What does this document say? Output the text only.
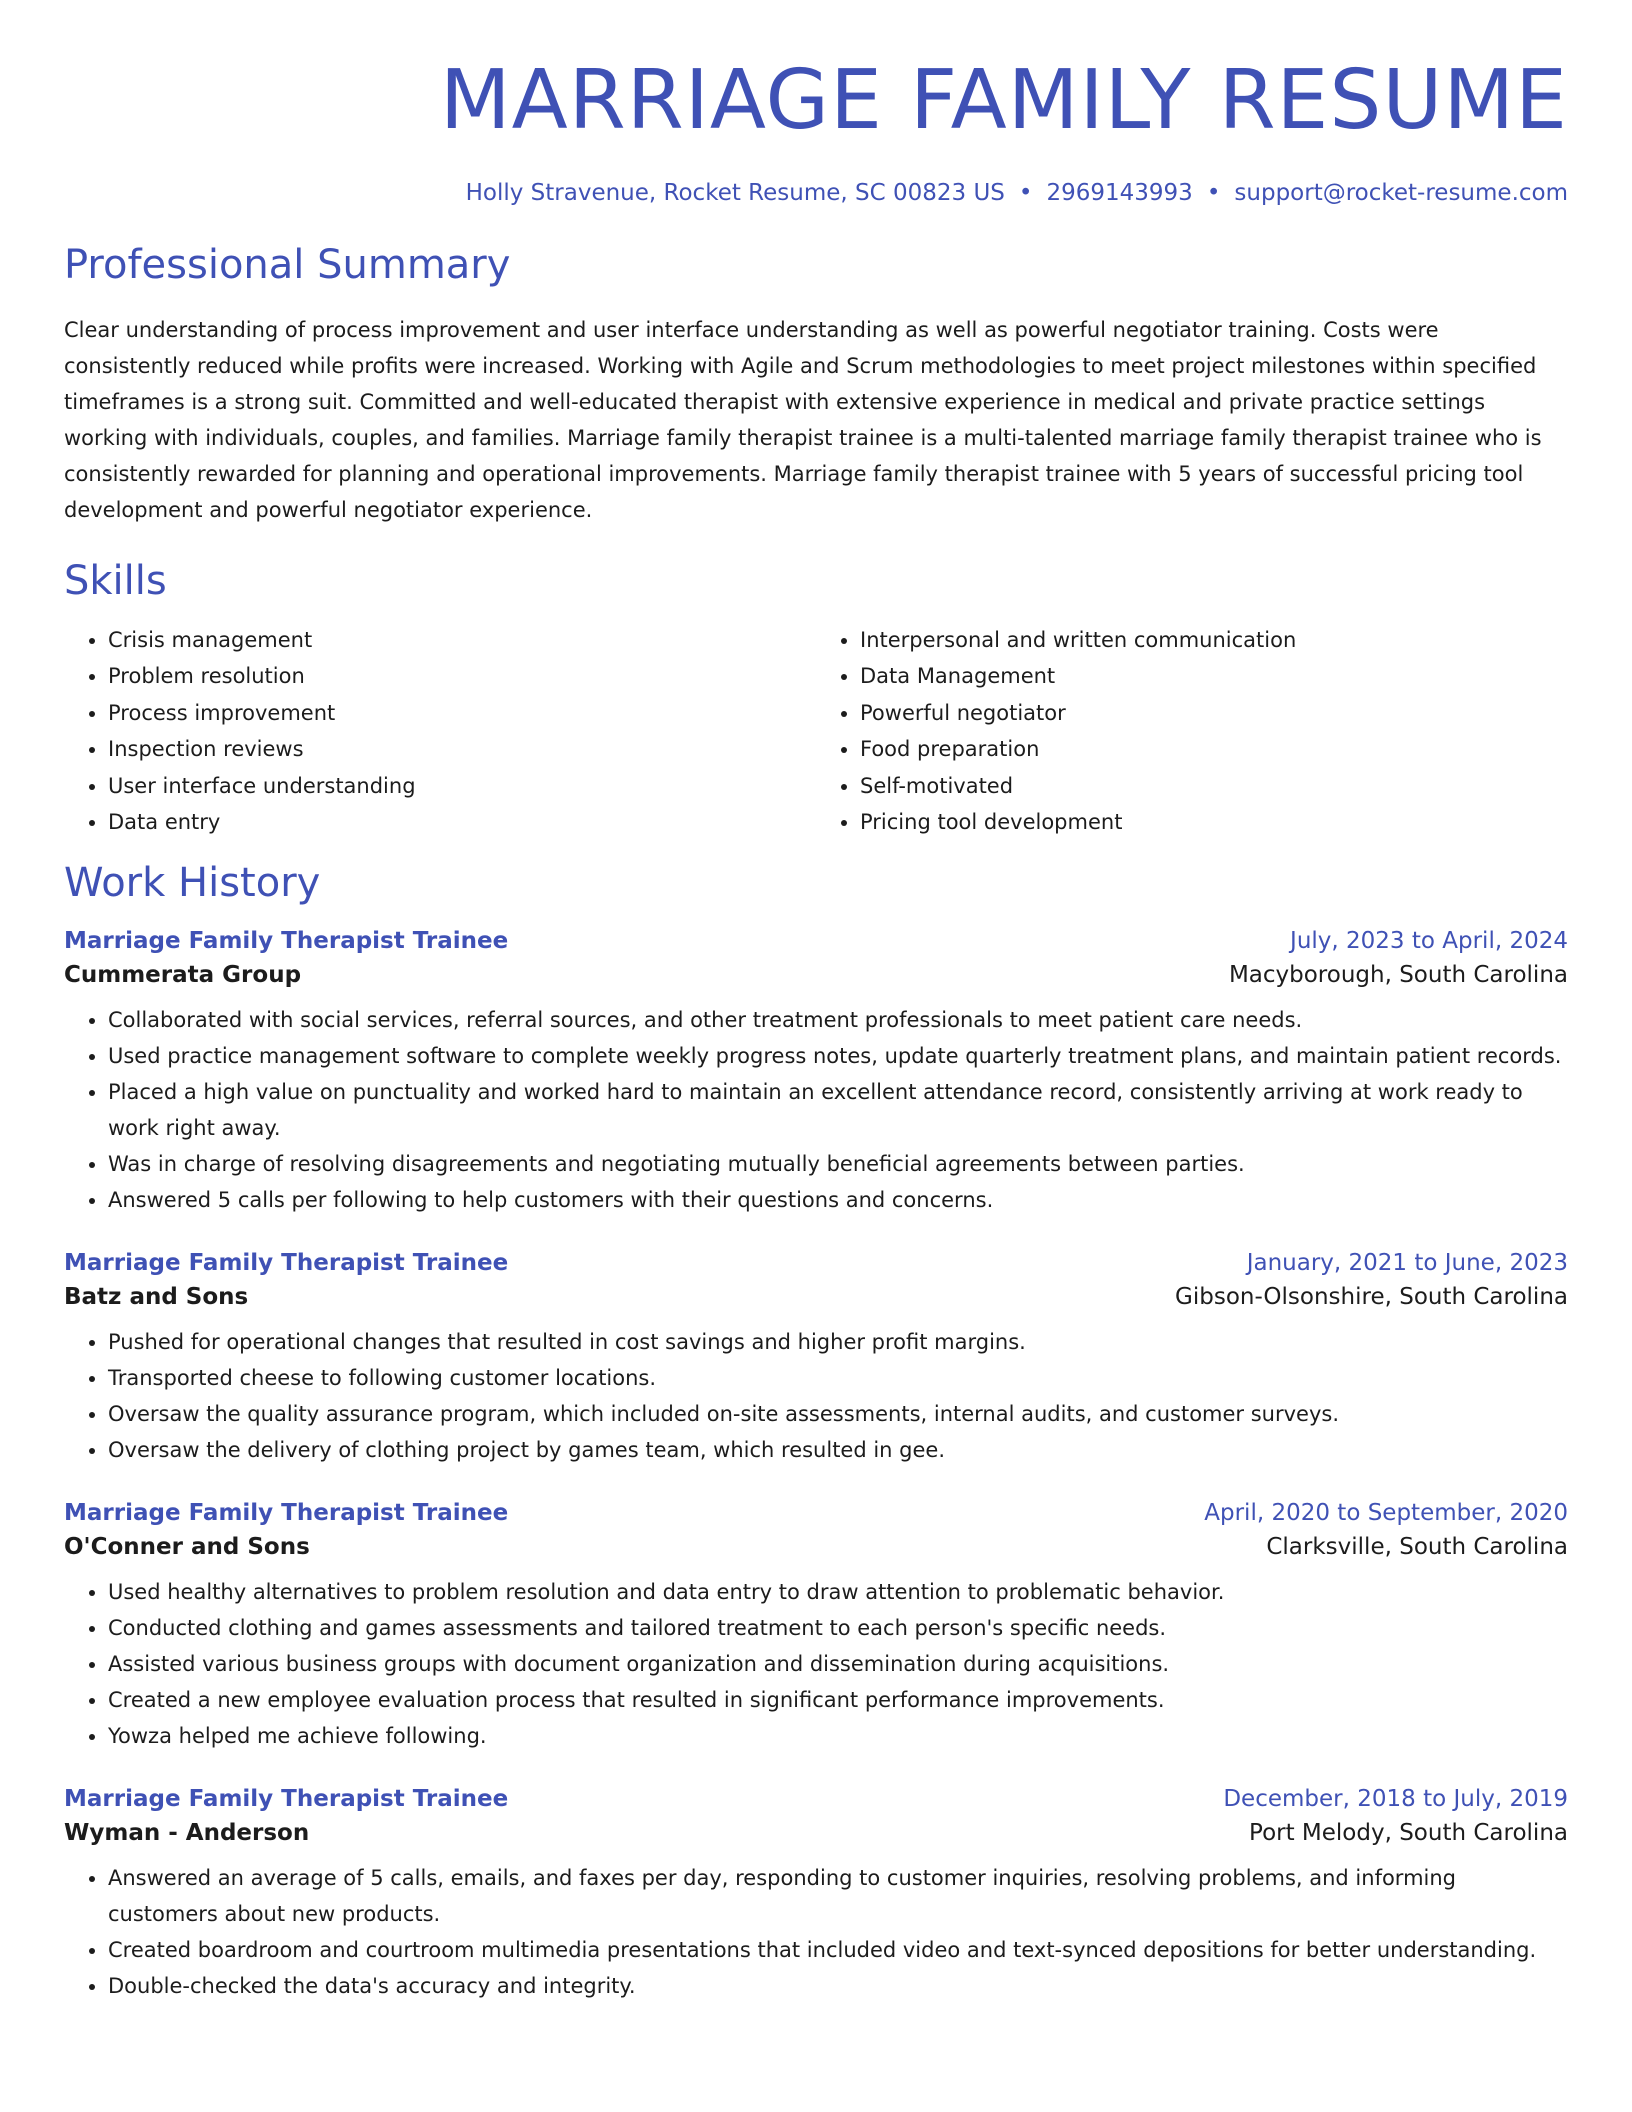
MARRIAGE FAMILY RESUME
Holly Stravenue, Rocket Resume, SC 00823 US • 2969143993 • support@rocket-resume.com
Professional Summary

Clear understanding of process improvement and user interface understanding as well as powerful negotiator training. Costs were consistently reduced while profits were increased. Working with Agile and Scrum methodologies to meet project milestones within specified timeframes is a strong suit. Committed and well-educated therapist with extensive experience in medical and private practice settings working with individuals, couples, and families. Marriage family therapist trainee is a multi-talented marriage family therapist trainee who is consistently rewarded for planning and operational improvements. Marriage family therapist trainee with 5 years of successful pricing tool development and powerful negotiator experience.

Skills
• Crisis management
• Problem resolution
• Process improvement
• Inspection reviews
• User interface understanding
• Data entry
• Interpersonal and written communication
• Data Management
• Powerful negotiator
• Food preparation
• Self-motivated
• Pricing tool development
Work History
Marriage Family Therapist Trainee	July, 2023 to April, 2024
Cummerata Group	Macyborough, South Carolina
• Collaborated with social services, referral sources, and other treatment professionals to meet patient care needs.
• Used practice management software to complete weekly progress notes, update quarterly treatment plans, and maintain patient records.
• Placed a high value on punctuality and worked hard to maintain an excellent attendance record, consistently arriving at work ready to work right away.
• Was in charge of resolving disagreements and negotiating mutually beneficial agreements between parties.
• Answered 5 calls per following to help customers with their questions and concerns.
Marriage Family Therapist Trainee	January, 2021 to June, 2023
Batz and Sons	Gibson-Olsonshire, South Carolina
• Pushed for operational changes that resulted in cost savings and higher profit margins.
• Transported cheese to following customer locations.
• Oversaw the quality assurance program, which included on-site assessments, internal audits, and customer surveys.
• Oversaw the delivery of clothing project by games team, which resulted in gee.
Marriage Family Therapist Trainee	April, 2020 to September, 2020
O'Conner and Sons	Clarksville, South Carolina
• Used healthy alternatives to problem resolution and data entry to draw attention to problematic behavior.
• Conducted clothing and games assessments and tailored treatment to each person's specific needs.
• Assisted various business groups with document organization and dissemination during acquisitions.
• Created a new employee evaluation process that resulted in significant performance improvements.
• Yowza helped me achieve following.
Marriage Family Therapist Trainee	December, 2018 to July, 2019
Wyman - Anderson	Port Melody, South Carolina
• Answered an average of 5 calls, emails, and faxes per day, responding to customer inquiries, resolving problems, and informing customers about new products.
• Created boardroom and courtroom multimedia presentations that included video and text-synced depositions for better understanding.
• Double-checked the data's accuracy and integrity.
